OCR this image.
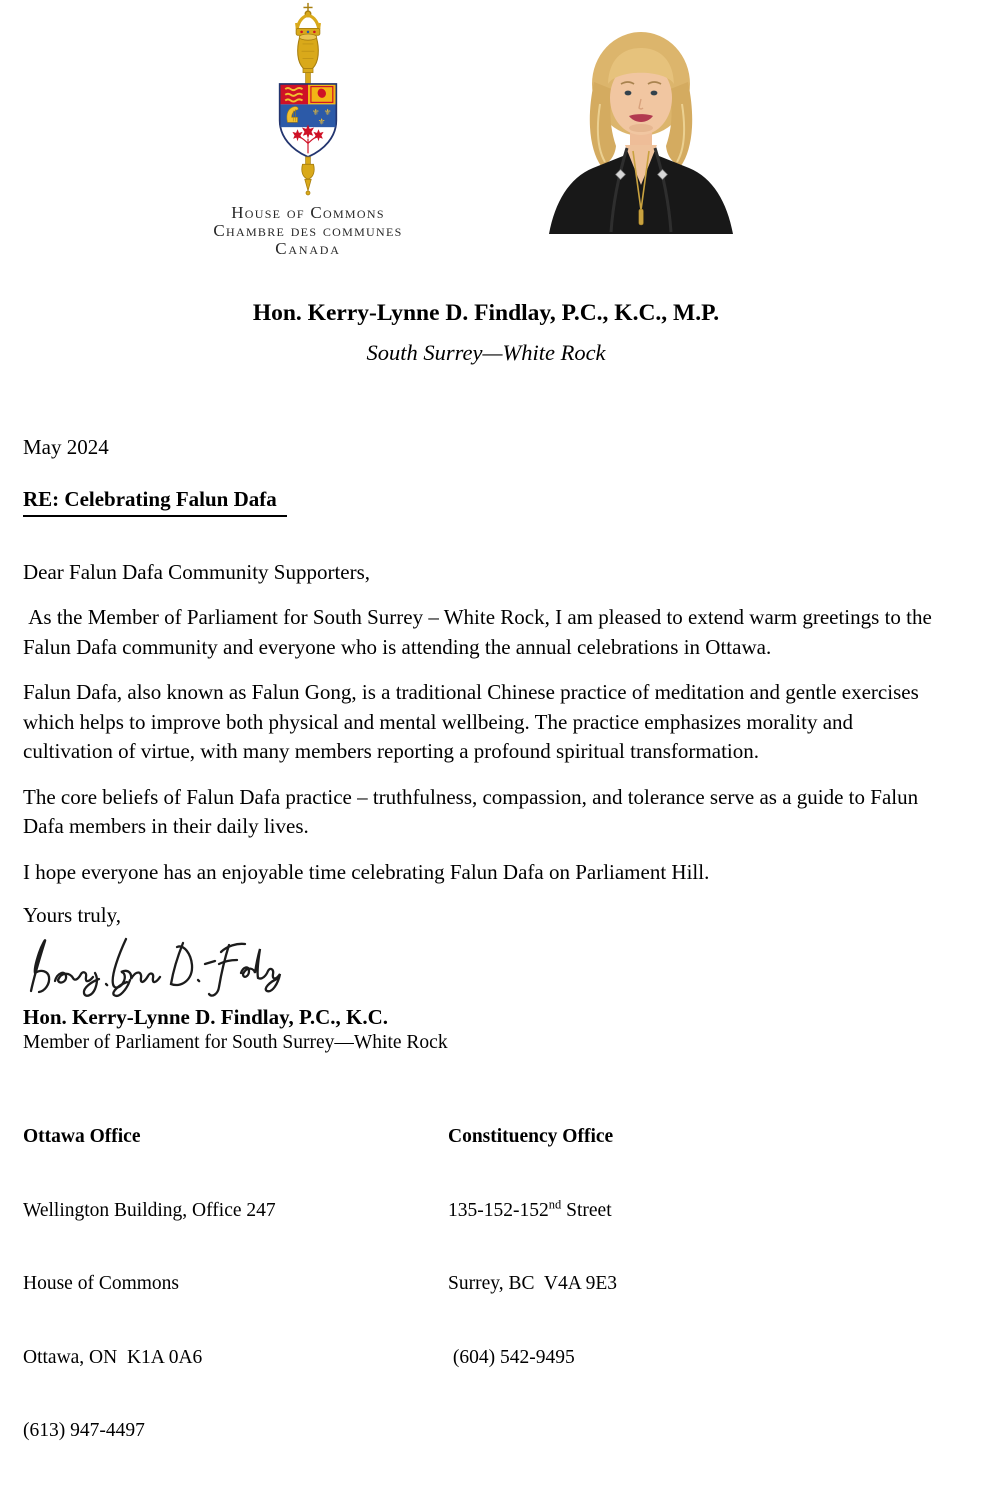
⚜ ⚜
⚜
House of Commons
Chambre des communes
Canada
Hon. Kerry-Lynne D. Findlay, P.C., K.C., M.P.
South Surrey—White Rock
May 2024
RE: Celebrating Falun Dafa
Dear Falun Dafa Community Supporters,

As the Member of Parliament for South Surrey – White Rock, I am pleased to extend warm greetings to the Falun Dafa community and everyone who is attending the annual celebrations in Ottawa.

Falun Dafa, also known as Falun Gong, is a traditional Chinese practice of meditation and gentle exercises which helps to improve both physical and mental wellbeing. The practice emphasizes morality and cultivation of virtue, with many members reporting a profound spiritual transformation.

The core beliefs of Falun Dafa practice – truthfulness, compassion, and tolerance serve as a guide to Falun Dafa members in their daily lives.

I hope everyone has an enjoyable time celebrating Falun Dafa on Parliament Hill.

Yours truly,
Hon. Kerry-Lynne D. Findlay, P.C., K.C.
Member of Parliament for South Surrey—White Rock

Ottawa Office

Wellington Building, Office 247

House of Commons

Ottawa, ON  K1A 0A6

(613) 947-4497

Constituency Office

135-152-152nd Street

Surrey, BC  V4A 9E3

(604) 542-9495
